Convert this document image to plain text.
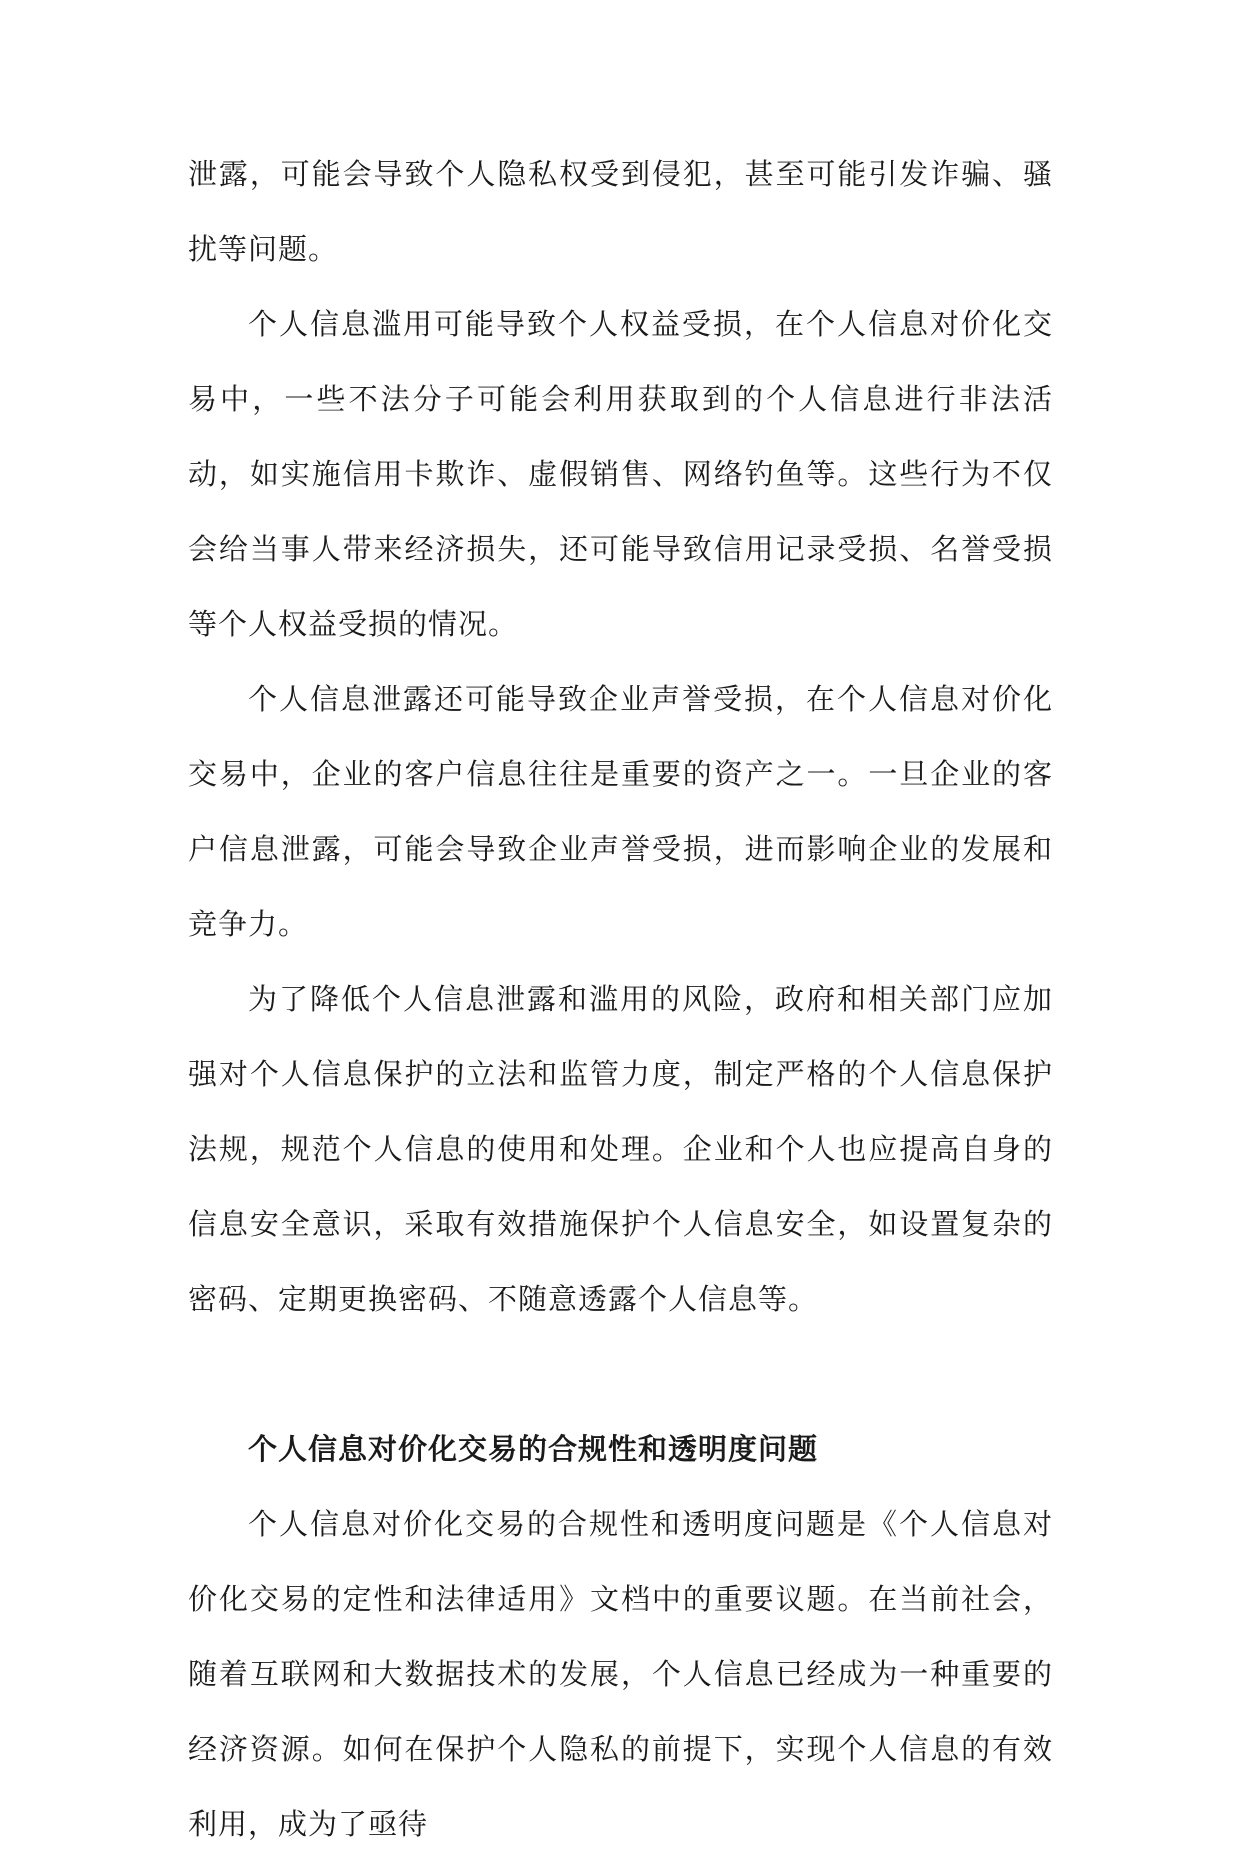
泄露，可能会导致个人隐私权受到侵犯，甚至可能引发诈骗、骚扰等问题。

个人信息滥用可能导致个人权益受损，在个人信息对价化交易中，一些不法分子可能会利用获取到的个人信息进行非法活动，如实施信用卡欺诈、虚假销售、网络钓鱼等。这些行为不仅会给当事人带来经济损失，还可能导致信用记录受损、名誉受损等个人权益受损的情况。

个人信息泄露还可能导致企业声誉受损，在个人信息对价化交易中，企业的客户信息往往是重要的资产之一。一旦企业的客户信息泄露，可能会导致企业声誉受损，进而影响企业的发展和竞争力。

为了降低个人信息泄露和滥用的风险，政府和相关部门应加强对个人信息保护的立法和监管力度，制定严格的个人信息保护法规，规范个人信息的使用和处理。企业和个人也应提高自身的信息安全意识，采取有效措施保护个人信息安全，如设置复杂的密码、定期更换密码、不随意透露个人信息等。

个人信息对价化交易的合规性和透明度问题

个人信息对价化交易的合规性和透明度问题是《个人信息对价化交易的定性和法律适用》文档中的重要议题。在当前社会，随着互联网和大数据技术的发展，个人信息已经成为一种重要的经济资源。如何在保护个人隐私的前提下，实现个人信息的有效利用，成为了亟待
